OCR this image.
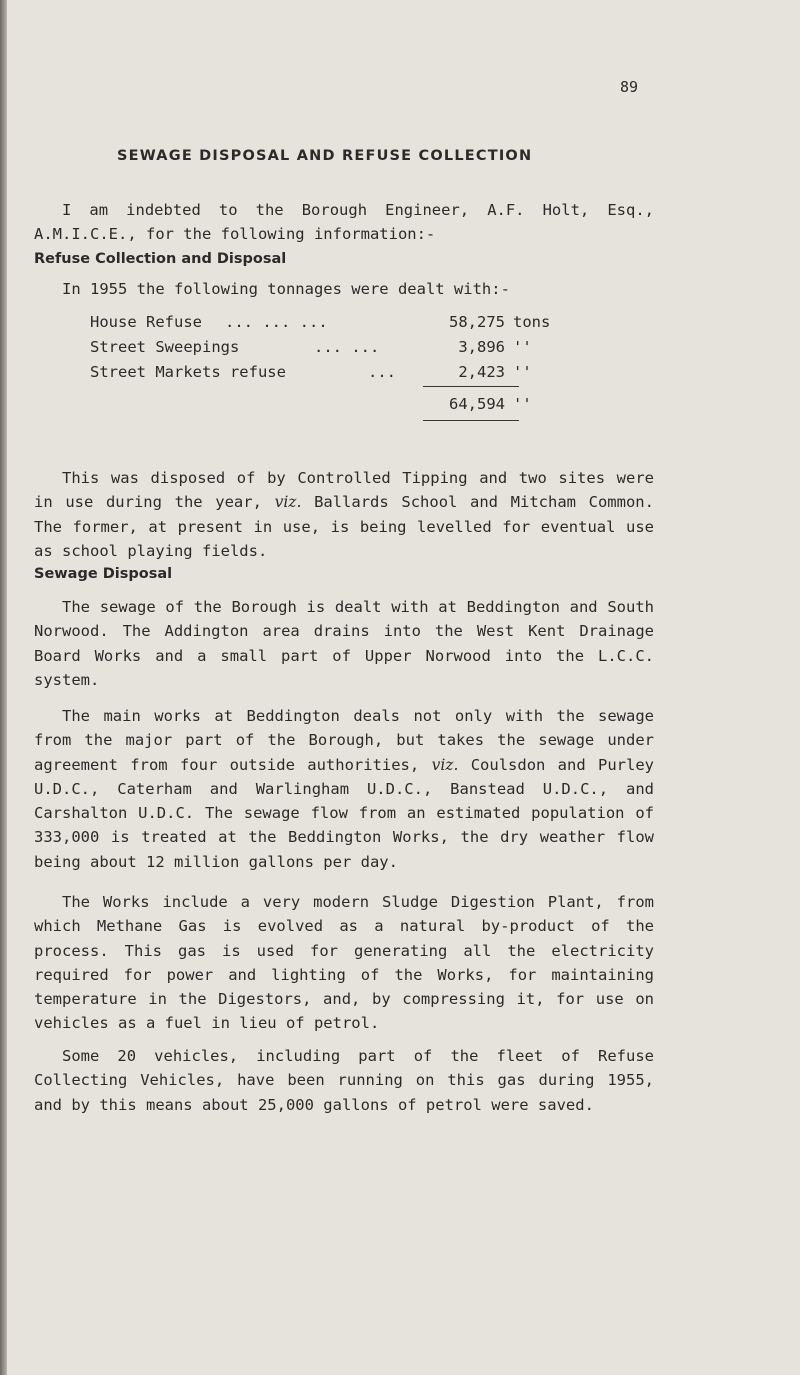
89
SEWAGE DISPOSAL AND REFUSE COLLECTION

I am indebted to the Borough Engineer, A.F. Holt, Esq., A.M.I.C.E., for the following information:-

Refuse Collection and Disposal
In 1955 the following tonnages were dealt with:-
House Refuse ... ... ...	58,275 tons
Street Sweepings	... ...	3,896 ''
Street Markets refuse	...	2,423 ''
64,594 ''

This was disposed of by Controlled Tipping and two sites were in use during the year, viz. Ballards School and Mitcham Common. The former, at present in use, is being levelled for eventual use as school playing fields.

Sewage Disposal

The sewage of the Borough is dealt with at Beddington and South Norwood. The Addington area drains into the West Kent Drainage Board Works and a small part of Upper Norwood into the L.C.C. system.

The main works at Beddington deals not only with the sewage from the major part of the Borough, but takes the sewage under agreement from four outside authorities, viz. Coulsdon and Purley U.D.C., Caterham and Warlingham U.D.C., Banstead U.D.C., and Carshalton U.D.C. The sewage flow from an estimated population of 333,000 is treated at the Beddington Works, the dry weather flow being about 12 million gallons per day.

The Works include a very modern Sludge Digestion Plant, from which Methane Gas is evolved as a natural by-product of the process. This gas is used for generating all the electricity required for power and lighting of the Works, for maintaining temperature in the Digestors, and, by compressing it, for use on vehicles as a fuel in lieu of petrol.

Some 20 vehicles, including part of the fleet of Refuse Collecting Vehicles, have been running on this gas during 1955, and by this means about 25,000 gallons of petrol were saved.
